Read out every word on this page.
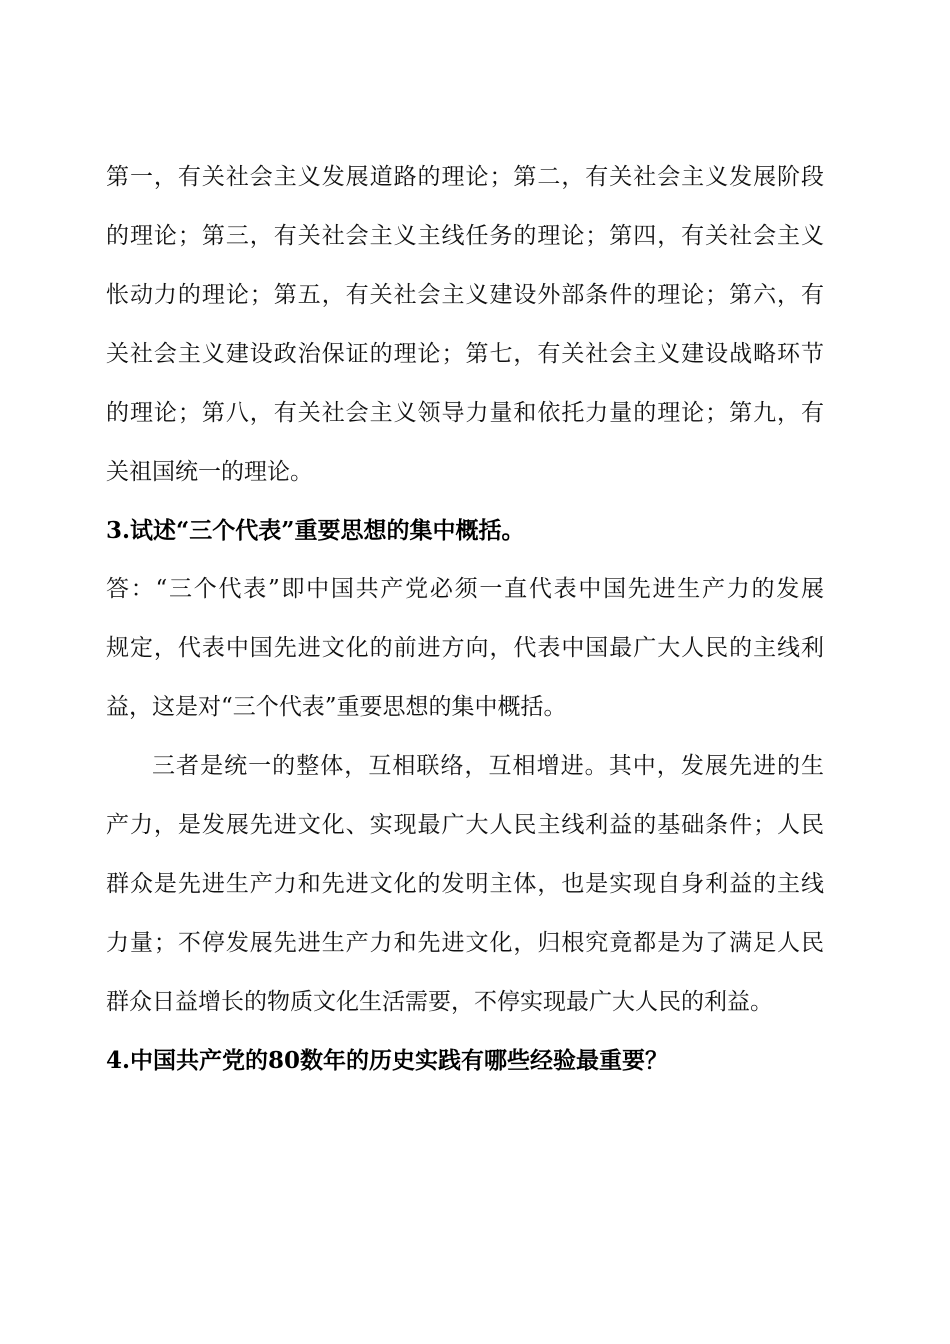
第一，有关社会主义发展道路的理论；第二，有关社会主义发展阶段
的理论；第三，有关社会主义主线任务的理论；第四，有关社会主义
怅动力的理论；第五，有关社会主义建设外部条件的理论；第六，有
关社会主义建设政治保证的理论；第七，有关社会主义建设战略环节
的理论；第八，有关社会主义领导力量和依托力量的理论；第九，有
关祖国统一的理论。
3.试述“三个代表”重要思想的集中概括。
答：“三个代表”即中国共产党必须一直代表中国先进生产力的发展
规定，代表中国先进文化的前进方向，代表中国最广大人民的主线利
益，这是对“三个代表”重要思想的集中概括。
三者是统一的整体，互相联络，互相增进。其中，发展先进的生
产力，是发展先进文化、实现最广大人民主线利益的基础条件；人民
群众是先进生产力和先进文化的发明主体，也是实现自身利益的主线
力量；不停发展先进生产力和先进文化，归根究竟都是为了满足人民
群众日益增长的物质文化生活需要，不停实现最广大人民的利益。
4.中国共产党的80数年的历史实践有哪些经验最重要？
